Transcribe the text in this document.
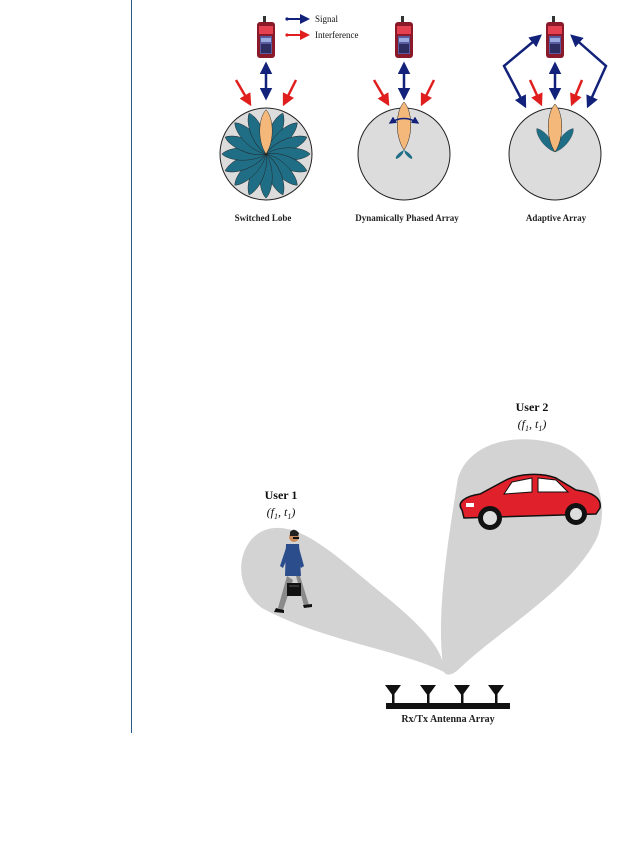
Signal
Interference
Switched Lobe	Dynamically Phased Array	Adaptive Array
User 1
($f_1$, $t_1$)
User 2
($f_1$, $t_1$)
Rx/Tx Antenna Array
